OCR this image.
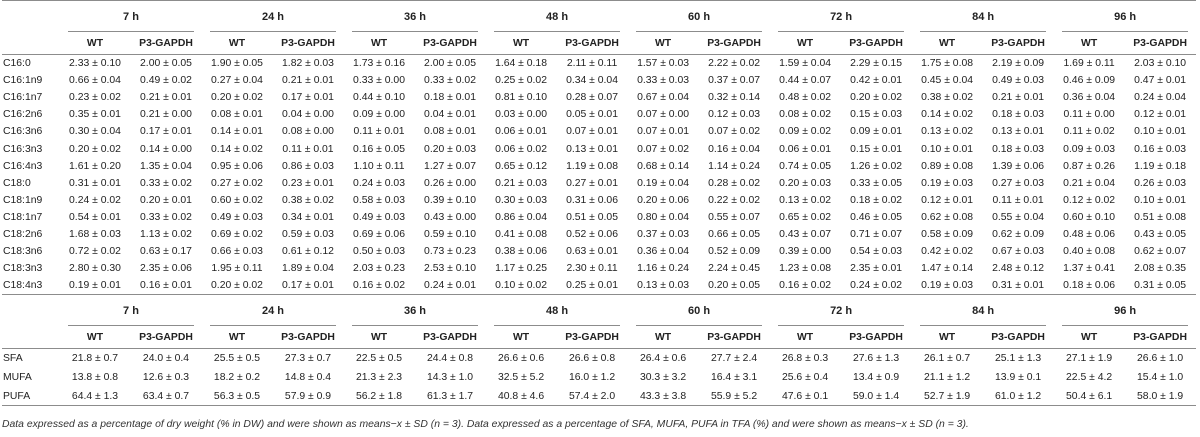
	7 h		24 h		36 h		48 h		60 h		72 h		84 h		96 h	
	WT	P3-GAPDH	WT	P3-GAPDH	WT	P3-GAPDH	WT	P3-GAPDH	WT	P3-GAPDH	WT	P3-GAPDH	WT	P3-GAPDH	WT	P3-GAPDH
C16:0	2.33 ± 0.10	2.00 ± 0.05	1.90 ± 0.05	1.82 ± 0.03	1.73 ± 0.16	2.00 ± 0.05	1.64 ± 0.18	2.11 ± 0.11	1.57 ± 0.03	2.22 ± 0.02	1.59 ± 0.04	2.29 ± 0.15	1.75 ± 0.08	2.19 ± 0.09	1.69 ± 0.11	2.03 ± 0.10
C16:1n9	0.66 ± 0.04	0.49 ± 0.02	0.27 ± 0.04	0.21 ± 0.01	0.33 ± 0.00	0.33 ± 0.02	0.25 ± 0.02	0.34 ± 0.04	0.33 ± 0.03	0.37 ± 0.07	0.44 ± 0.07	0.42 ± 0.01	0.45 ± 0.04	0.49 ± 0.03	0.46 ± 0.09	0.47 ± 0.01
C16:1n7	0.23 ± 0.02	0.21 ± 0.01	0.20 ± 0.02	0.17 ± 0.01	0.44 ± 0.10	0.18 ± 0.01	0.81 ± 0.10	0.28 ± 0.07	0.67 ± 0.04	0.32 ± 0.14	0.48 ± 0.02	0.20 ± 0.02	0.38 ± 0.02	0.21 ± 0.01	0.36 ± 0.04	0.24 ± 0.04
C16:2n6	0.35 ± 0.01	0.21 ± 0.00	0.08 ± 0.01	0.04 ± 0.00	0.09 ± 0.00	0.04 ± 0.01	0.03 ± 0.00	0.05 ± 0.01	0.07 ± 0.00	0.12 ± 0.03	0.08 ± 0.02	0.15 ± 0.03	0.14 ± 0.02	0.18 ± 0.03	0.11 ± 0.00	0.12 ± 0.01
C16:3n6	0.30 ± 0.04	0.17 ± 0.01	0.14 ± 0.01	0.08 ± 0.00	0.11 ± 0.01	0.08 ± 0.01	0.06 ± 0.01	0.07 ± 0.01	0.07 ± 0.01	0.07 ± 0.02	0.09 ± 0.02	0.09 ± 0.01	0.13 ± 0.02	0.13 ± 0.01	0.11 ± 0.02	0.10 ± 0.01
C16:3n3	0.20 ± 0.02	0.14 ± 0.00	0.14 ± 0.02	0.11 ± 0.01	0.16 ± 0.05	0.20 ± 0.03	0.06 ± 0.02	0.13 ± 0.01	0.07 ± 0.02	0.16 ± 0.04	0.06 ± 0.01	0.15 ± 0.01	0.10 ± 0.01	0.18 ± 0.03	0.09 ± 0.03	0.16 ± 0.03
C16:4n3	1.61 ± 0.20	1.35 ± 0.04	0.95 ± 0.06	0.86 ± 0.03	1.10 ± 0.11	1.27 ± 0.07	0.65 ± 0.12	1.19 ± 0.08	0.68 ± 0.14	1.14 ± 0.24	0.74 ± 0.05	1.26 ± 0.02	0.89 ± 0.08	1.39 ± 0.06	0.87 ± 0.26	1.19 ± 0.18
C18:0	0.31 ± 0.01	0.33 ± 0.02	0.27 ± 0.02	0.23 ± 0.01	0.24 ± 0.03	0.26 ± 0.00	0.21 ± 0.03	0.27 ± 0.01	0.19 ± 0.04	0.28 ± 0.02	0.20 ± 0.03	0.33 ± 0.05	0.19 ± 0.03	0.27 ± 0.03	0.21 ± 0.04	0.26 ± 0.03
C18:1n9	0.24 ± 0.02	0.20 ± 0.01	0.60 ± 0.02	0.38 ± 0.02	0.58 ± 0.03	0.39 ± 0.10	0.30 ± 0.03	0.31 ± 0.06	0.20 ± 0.06	0.22 ± 0.02	0.13 ± 0.02	0.18 ± 0.02	0.12 ± 0.01	0.11 ± 0.01	0.12 ± 0.02	0.10 ± 0.01
C18:1n7	0.54 ± 0.01	0.33 ± 0.02	0.49 ± 0.03	0.34 ± 0.01	0.49 ± 0.03	0.43 ± 0.00	0.86 ± 0.04	0.51 ± 0.05	0.80 ± 0.04	0.55 ± 0.07	0.65 ± 0.02	0.46 ± 0.05	0.62 ± 0.08	0.55 ± 0.04	0.60 ± 0.10	0.51 ± 0.08
C18:2n6	1.68 ± 0.03	1.13 ± 0.02	0.69 ± 0.02	0.59 ± 0.03	0.69 ± 0.06	0.59 ± 0.10	0.41 ± 0.08	0.52 ± 0.06	0.37 ± 0.03	0.66 ± 0.05	0.43 ± 0.07	0.71 ± 0.07	0.58 ± 0.09	0.62 ± 0.09	0.48 ± 0.06	0.43 ± 0.05
C18:3n6	0.72 ± 0.02	0.63 ± 0.17	0.66 ± 0.03	0.61 ± 0.12	0.50 ± 0.03	0.73 ± 0.23	0.38 ± 0.06	0.63 ± 0.01	0.36 ± 0.04	0.52 ± 0.09	0.39 ± 0.00	0.54 ± 0.03	0.42 ± 0.02	0.67 ± 0.03	0.40 ± 0.08	0.62 ± 0.07
C18:3n3	2.80 ± 0.30	2.35 ± 0.06	1.95 ± 0.11	1.89 ± 0.04	2.03 ± 0.23	2.53 ± 0.10	1.17 ± 0.25	2.30 ± 0.11	1.16 ± 0.24	2.24 ± 0.45	1.23 ± 0.08	2.35 ± 0.01	1.47 ± 0.14	2.48 ± 0.12	1.37 ± 0.41	2.08 ± 0.35
C18:4n3	0.19 ± 0.01	0.16 ± 0.01	0.20 ± 0.02	0.17 ± 0.01	0.16 ± 0.02	0.24 ± 0.01	0.10 ± 0.02	0.25 ± 0.01	0.13 ± 0.03	0.20 ± 0.05	0.16 ± 0.02	0.24 ± 0.02	0.19 ± 0.03	0.31 ± 0.01	0.18 ± 0.06	0.31 ± 0.05
	7 h		24 h		36 h		48 h		60 h		72 h		84 h		96 h	
	WT	P3-GAPDH	WT	P3-GAPDH	WT	P3-GAPDH	WT	P3-GAPDH	WT	P3-GAPDH	WT	P3-GAPDH	WT	P3-GAPDH	WT	P3-GAPDH
SFA	21.8 ± 0.7	24.0 ± 0.4	25.5 ± 0.5	27.3 ± 0.7	22.5 ± 0.5	24.4 ± 0.8	26.6 ± 0.6	26.6 ± 0.8	26.4 ± 0.6	27.7 ± 2.4	26.8 ± 0.3	27.6 ± 1.3	26.1 ± 0.7	25.1 ± 1.3	27.1 ± 1.9	26.6 ± 1.0
MUFA	13.8 ± 0.8	12.6 ± 0.3	18.2 ± 0.2	14.8 ± 0.4	21.3 ± 2.3	14.3 ± 1.0	32.5 ± 5.2	16.0 ± 1.2	30.3 ± 3.2	16.4 ± 3.1	25.6 ± 0.4	13.4 ± 0.9	21.1 ± 1.2	13.9 ± 0.1	22.5 ± 4.2	15.4 ± 1.0
PUFA	64.4 ± 1.3	63.4 ± 0.7	56.3 ± 0.5	57.9 ± 0.9	56.2 ± 1.8	61.3 ± 1.7	40.8 ± 4.6	57.4 ± 2.0	43.3 ± 3.8	55.9 ± 5.2	47.6 ± 0.1	59.0 ± 1.4	52.7 ± 1.9	61.0 ± 1.2	50.4 ± 6.1	58.0 ± 1.9
Data expressed as a percentage of dry weight (% in DW) and were shown as means−x ± SD (n = 3). Data expressed as a percentage of SFA, MUFA, PUFA in TFA (%) and were shown as means−x ± SD (n = 3).
